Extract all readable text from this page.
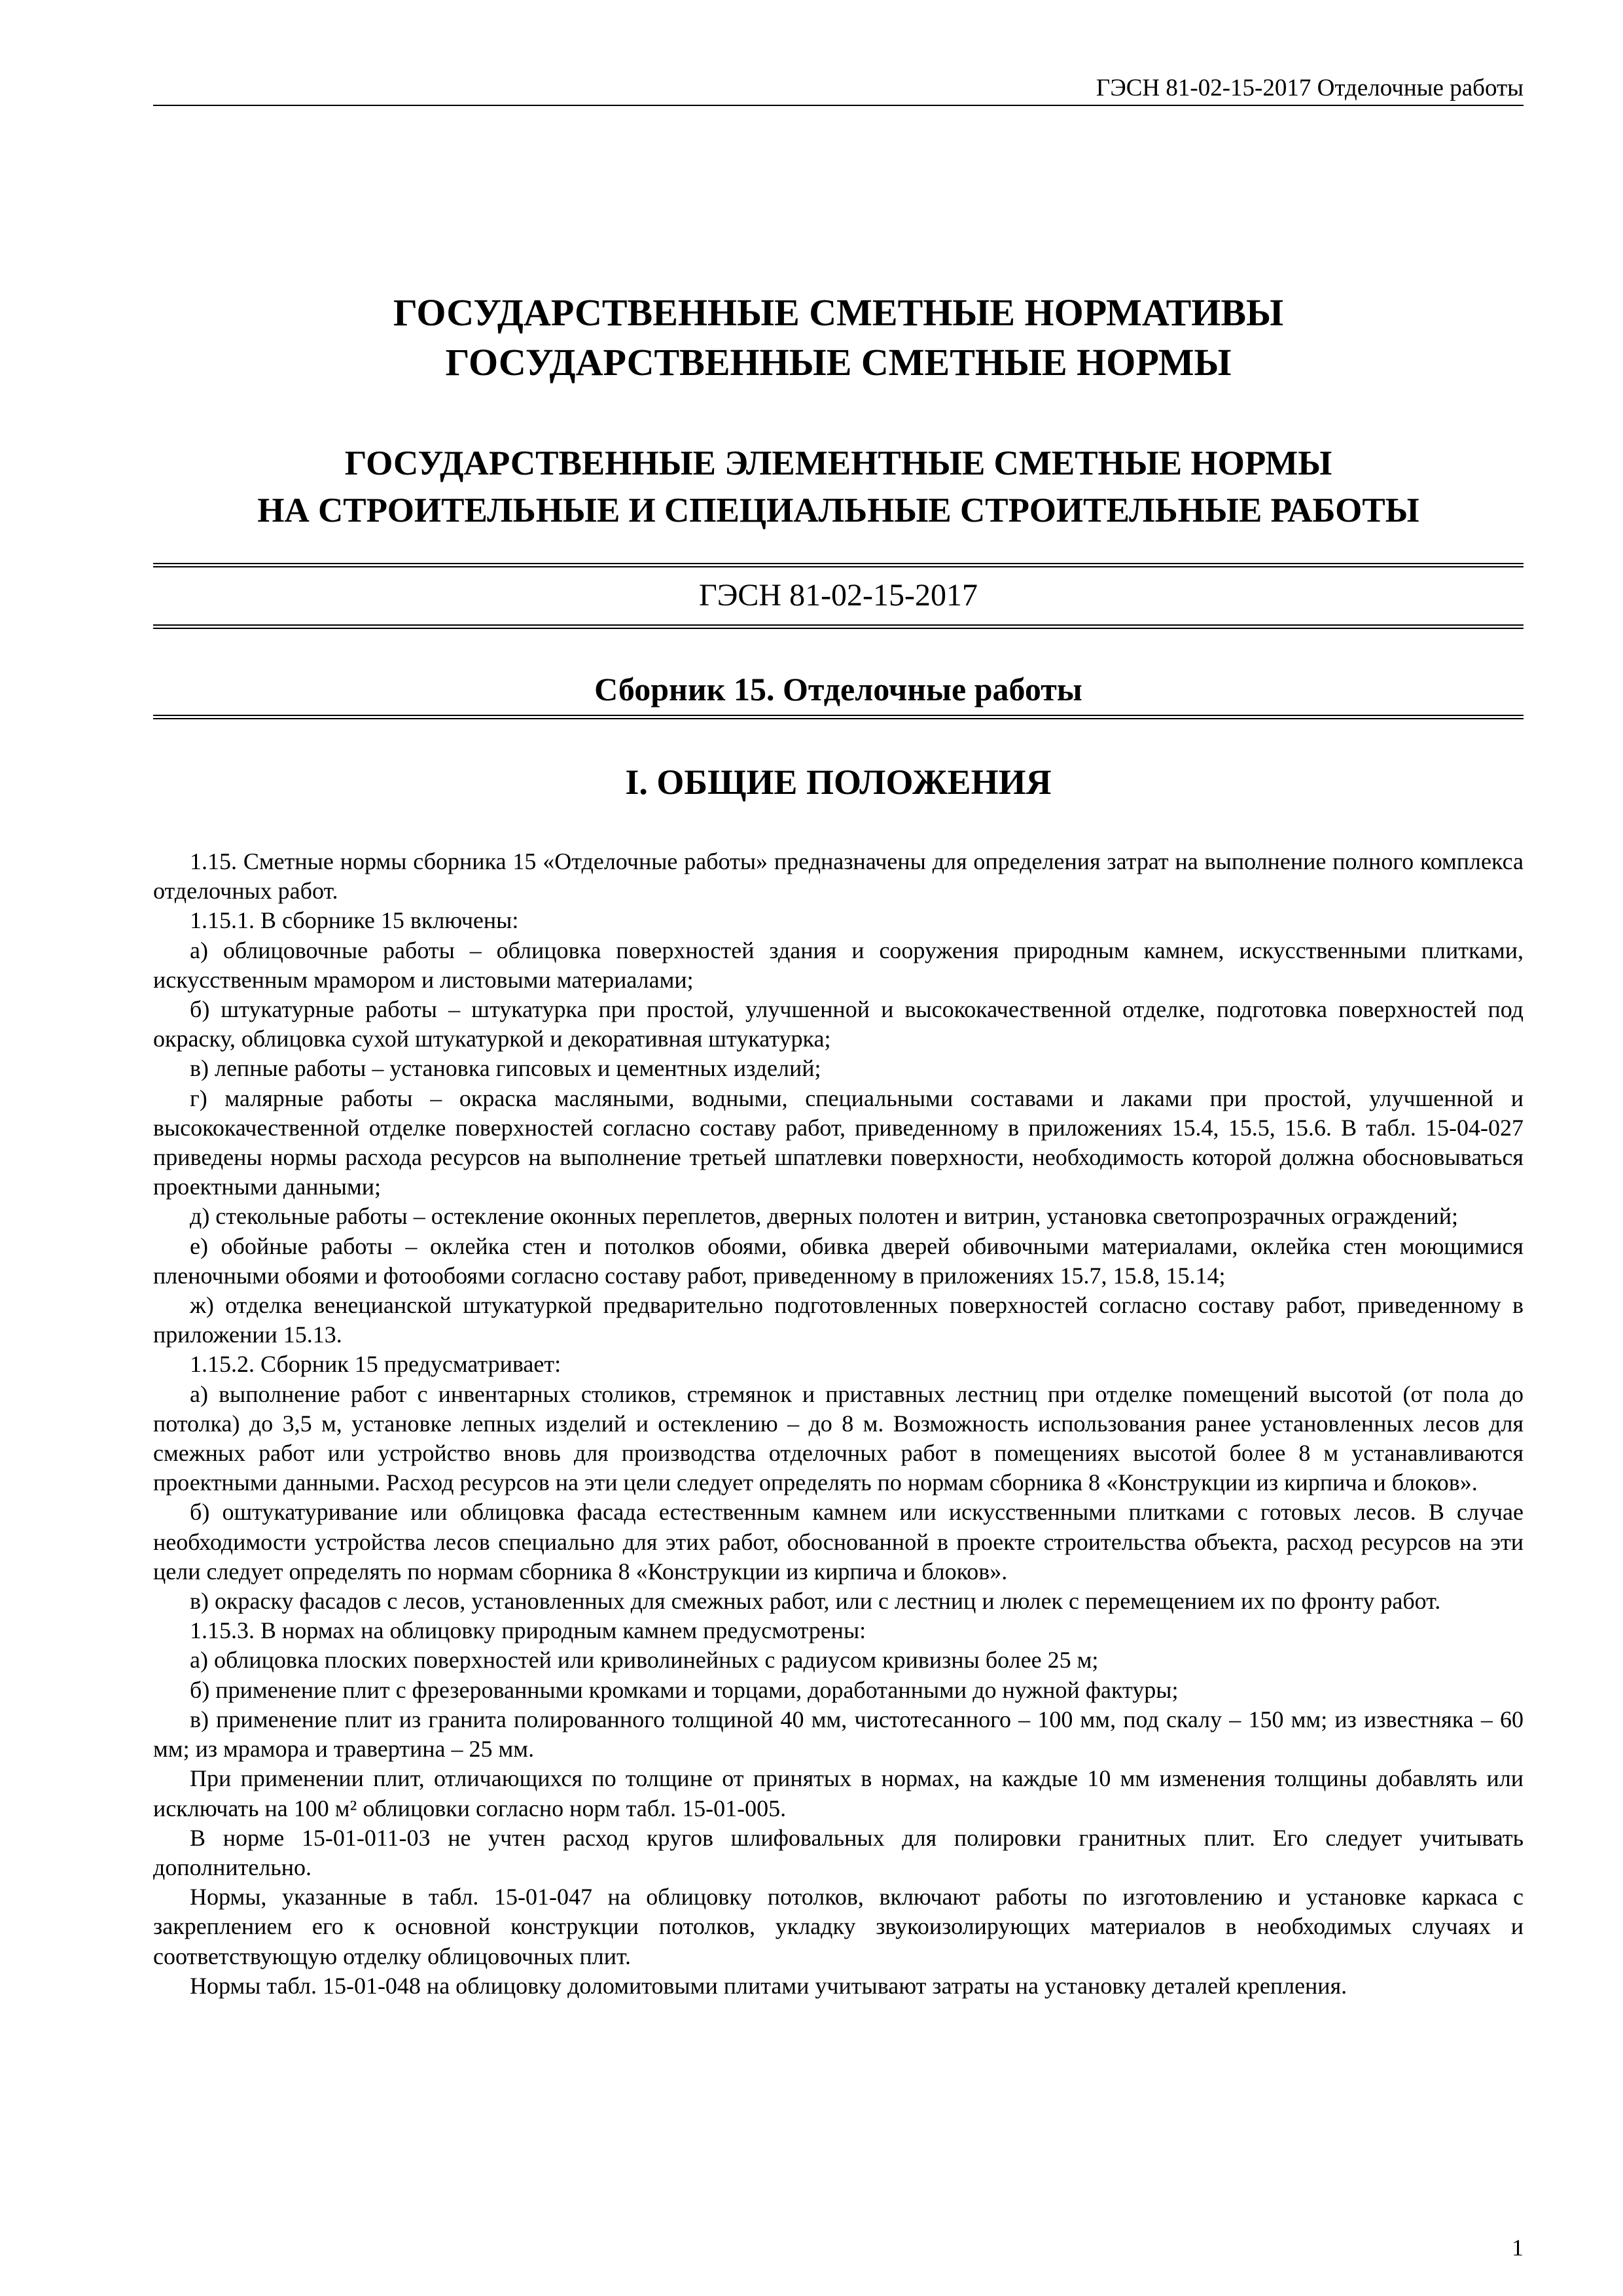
ГЭСН 81-02-15-2017 Отделочные работы
ГОСУДАРСТВЕННЫЕ СМЕТНЫЕ НОРМАТИВЫ
ГОСУДАРСТВЕННЫЕ СМЕТНЫЕ НОРМЫ
ГОСУДАРСТВЕННЫЕ ЭЛЕМЕНТНЫЕ СМЕТНЫЕ НОРМЫ
НА СТРОИТЕЛЬНЫЕ И СПЕЦИАЛЬНЫЕ СТРОИТЕЛЬНЫЕ РАБОТЫ
ГЭСН 81-02-15-2017
Сборник 15. Отделочные работы
I. ОБЩИЕ ПОЛОЖЕНИЯ

1.15. Сметные нормы сборника 15 «Отделочные работы» предназначены для определения затрат на выполнение полного комплекса отделочных работ.

1.15.1. В сборнике 15 включены:

а) облицовочные работы – облицовка поверхностей здания и сооружения природным камнем, искусственными плитками, искусственным мрамором и листовыми материалами;

б) штукатурные работы – штукатурка при простой, улучшенной и высококачественной отделке, подготовка поверхностей под окраску, облицовка сухой штукатуркой и декоративная штукатурка;

в) лепные работы – установка гипсовых и цементных изделий;

г) малярные работы – окраска масляными, водными, специальными составами и лаками при простой, улучшенной и высококачественной отделке поверхностей согласно составу работ, приведенному в приложениях 15.4, 15.5, 15.6. В табл. 15-04-027 приведены нормы расхода ресурсов на выполнение третьей шпатлевки поверхности, необходимость которой должна обосновываться проектными данными;

д) стекольные работы – остекление оконных переплетов, дверных полотен и витрин, установка светопрозрачных ограждений;

е) обойные работы – оклейка стен и потолков обоями, обивка дверей обивочными материалами, оклейка стен моющимися пленочными обоями и фотообоями согласно составу работ, приведенному в приложениях 15.7, 15.8, 15.14;

ж) отделка венецианской штукатуркой предварительно подготовленных поверхностей согласно составу работ, приведенному в приложении 15.13.

1.15.2. Сборник 15 предусматривает:

а) выполнение работ с инвентарных столиков, стремянок и приставных лестниц при отделке помещений высотой (от пола до потолка) до 3,5 м, установке лепных изделий и остеклению – до 8 м. Возможность использования ранее установленных лесов для смежных работ или устройство вновь для производства отделочных работ в помещениях высотой более 8 м устанавливаются проектными данными. Расход ресурсов на эти цели следует определять по нормам сборника 8 «Конструкции из кирпича и блоков».

б) оштукатуривание или облицовка фасада естественным камнем или искусственными плитками с готовых лесов. В случае необходимости устройства лесов специально для этих работ, обоснованной в проекте строительства объекта, расход ресурсов на эти цели следует определять по нормам сборника 8 «Конструкции из кирпича и блоков».

в) окраску фасадов с лесов, установленных для смежных работ, или с лестниц и люлек с перемещением их по фронту работ.

1.15.3. В нормах на облицовку природным камнем предусмотрены:

а) облицовка плоских поверхностей или криволинейных с радиусом кривизны более 25 м;

б) применение плит с фрезерованными кромками и торцами, доработанными до нужной фактуры;

в) применение плит из гранита полированного толщиной 40 мм, чистотесанного – 100 мм, под скалу – 150 мм; из известняка – 60 мм; из мрамора и травертина – 25 мм.

При применении плит, отличающихся по толщине от принятых в нормах, на каждые 10 мм изменения толщины добавлять или исключать на 100 м² облицовки согласно норм табл. 15-01-005.

В норме 15-01-011-03 не учтен расход кругов шлифовальных для полировки гранитных плит. Его следует учитывать дополнительно.

Нормы, указанные в табл. 15-01-047 на облицовку потолков, включают работы по изготовлению и установке каркаса с закреплением его к основной конструкции потолков, укладку звукоизолирующих материалов в необходимых случаях и соответствующую отделку облицовочных плит.

Нормы табл. 15-01-048 на облицовку доломитовыми плитами учитывают затраты на установку деталей крепления.

1
